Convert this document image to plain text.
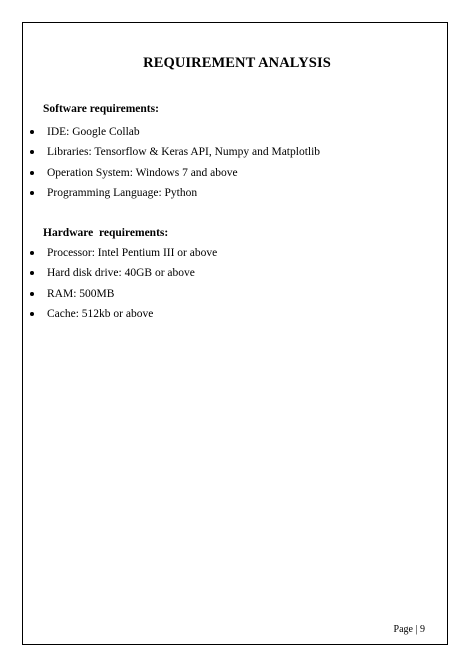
REQUIREMENT ANALYSIS
Software requirements:
IDE: Google Collab
Libraries: Tensorflow & Keras API, Numpy and Matplotlib
Operation System: Windows 7 and above
Programming Language: Python
Hardware  requirements:
Processor: Intel Pentium III or above
Hard disk drive: 40GB or above
RAM: 500MB
Cache: 512kb or above
Page | 9
